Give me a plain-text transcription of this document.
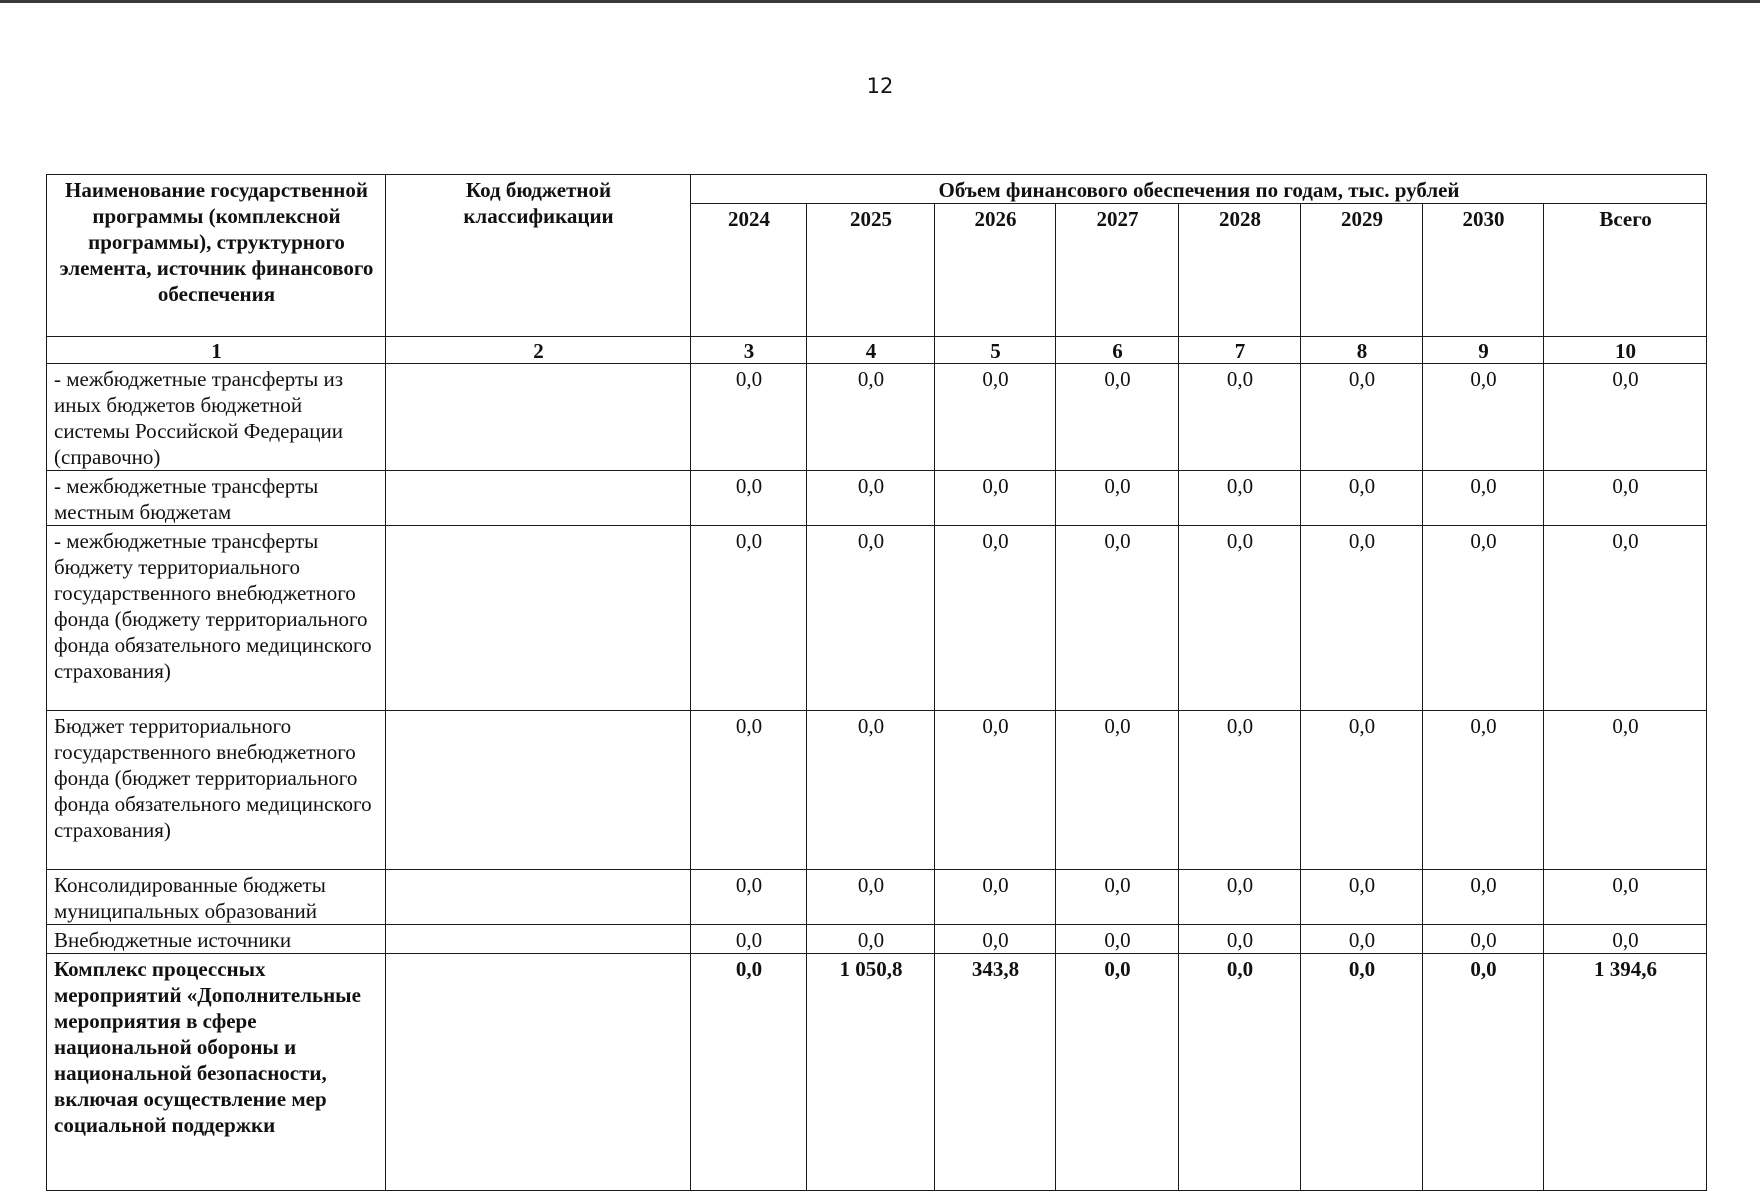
12
Наименование государственной программы (комплексной программы), структурного элемента, источник финансового обеспечения	Код бюджетной классификации	Объем финансового обеспечения по годам, тыс. рублей							
		2024	2025	2026	2027	2028	2029	2030	Всего
1	2	3	4	5	6	7	8	9	10
- межбюджетные трансферты из иных бюджетов бюджетной системы Российской Федерации (справочно)		0,0	0,0	0,0	0,0	0,0	0,0	0,0	0,0
- межбюджетные трансферты местным бюджетам		0,0	0,0	0,0	0,0	0,0	0,0	0,0	0,0
- межбюджетные трансферты бюджету территориального государственного внебюджетного фонда (бюджету территориального фонда обязательного медицинского страхования)		0,0	0,0	0,0	0,0	0,0	0,0	0,0	0,0
Бюджет территориального государственного внебюджетного фонда (бюджет территориального фонда обязательного медицинского страхования)		0,0	0,0	0,0	0,0	0,0	0,0	0,0	0,0
Консолидированные бюджеты муниципальных образований		0,0	0,0	0,0	0,0	0,0	0,0	0,0	0,0
Внебюджетные источники		0,0	0,0	0,0	0,0	0,0	0,0	0,0	0,0
Комплекс процессных мероприятий «Дополнительные мероприятия в сфере национальной обороны и национальной безопасности, включая осуществление мер социальной поддержки		0,0	1 050,8	343,8	0,0	0,0	0,0	0,0	1 394,6
